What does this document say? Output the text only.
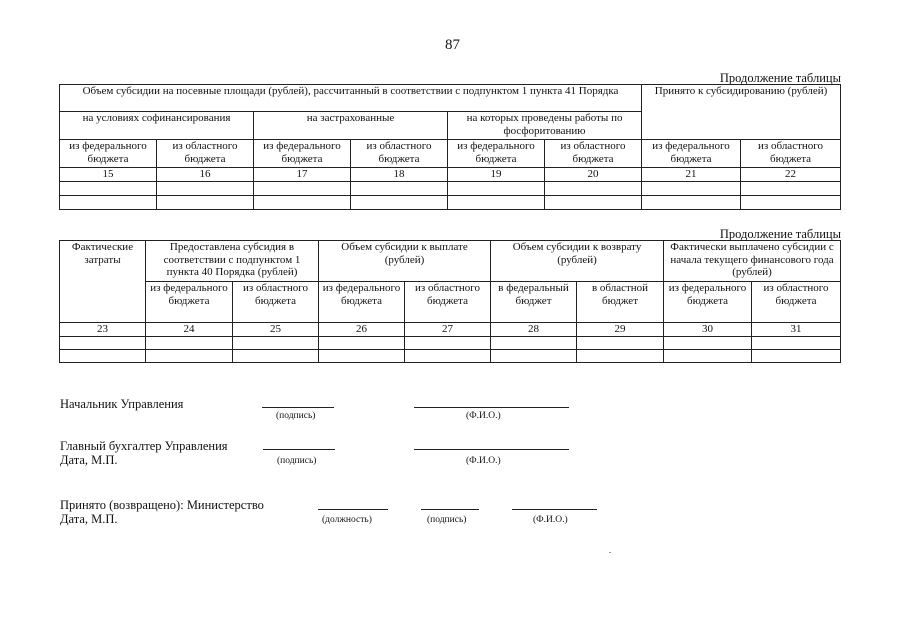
87
Продолжение таблицы
Объем субсидии на посевные площади (рублей), рассчитанный в соответствии с подпунктом 1 пункта 41 Порядка						Принято к субсидированию (рублей)	
на условиях софинансирования		на застрахованные		на которых проведены работы по фосфоритованию			
из федерального бюджета	из областного бюджета	из федерального бюджета	из областного бюджета	из федерального бюджета	из областного бюджета	из федерального бюджета	из областного бюджета
15	16	17	18	19	20	21	22

Продолжение таблицы
Фактические затраты	Предоставлена субсидия в соответствии с подпунктом 1 пункта 40 Порядка (рублей)		Объем субсидии к выплате (рублей)		Объем субсидии к возврату (рублей)		Фактически выплачено субсидии с начала текущего финансового года (рублей)	
	из федерального бюджета	из областного бюджета	из федерального бюджета	из областного бюджета	в федеральный бюджет	в областной бюджет	из федерального бюджета	из областного бюджета
23	24	25	26	27	28	29	30	31

Начальник Управления
(подпись)	(Ф.И.О.)
Главный бухгалтер Управления
Дата, М.П.	(подпись)	(Ф.И.О.)
Принято (возвращено): Министерство
Дата, М.П.	(должность)	(подпись)	(Ф.И.О.)
